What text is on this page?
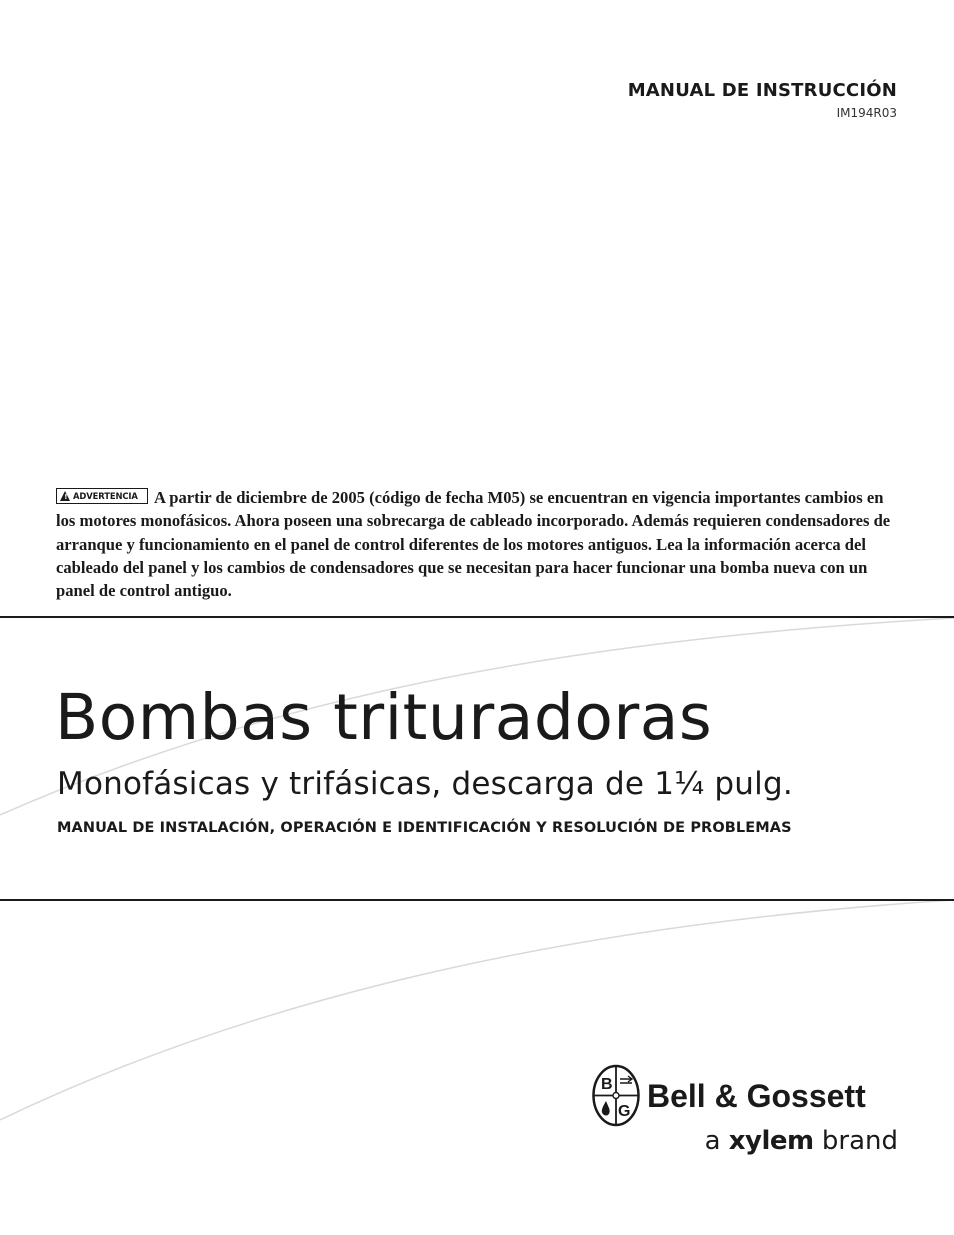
MANUAL DE INSTRUCCIÓN
IM194R03
! ADVERTENCIA A partir de diciembre de 2005 (código de fecha M05) se encuentran en vigencia importantes cambios en los motores monofásicos. Ahora poseen una sobrecarga de cableado incorporado. Además requieren condensadores de arranque y funcionamiento en el panel de control diferentes de los motores antiguos. Lea la información acerca del cableado del panel y los cambios de condensadores que se necesitan para hacer funcionar una bomba nueva con un panel de control antiguo.
Bombas trituradoras
Monofásicas y trifásicas, descarga de 1¼ pulg.
MANUAL DE INSTALACIÓN, OPERACIÓN E IDENTIFICACIÓN Y RESOLUCIÓN DE PROBLEMAS
B
G Bell & Gossett
a xylem brand
